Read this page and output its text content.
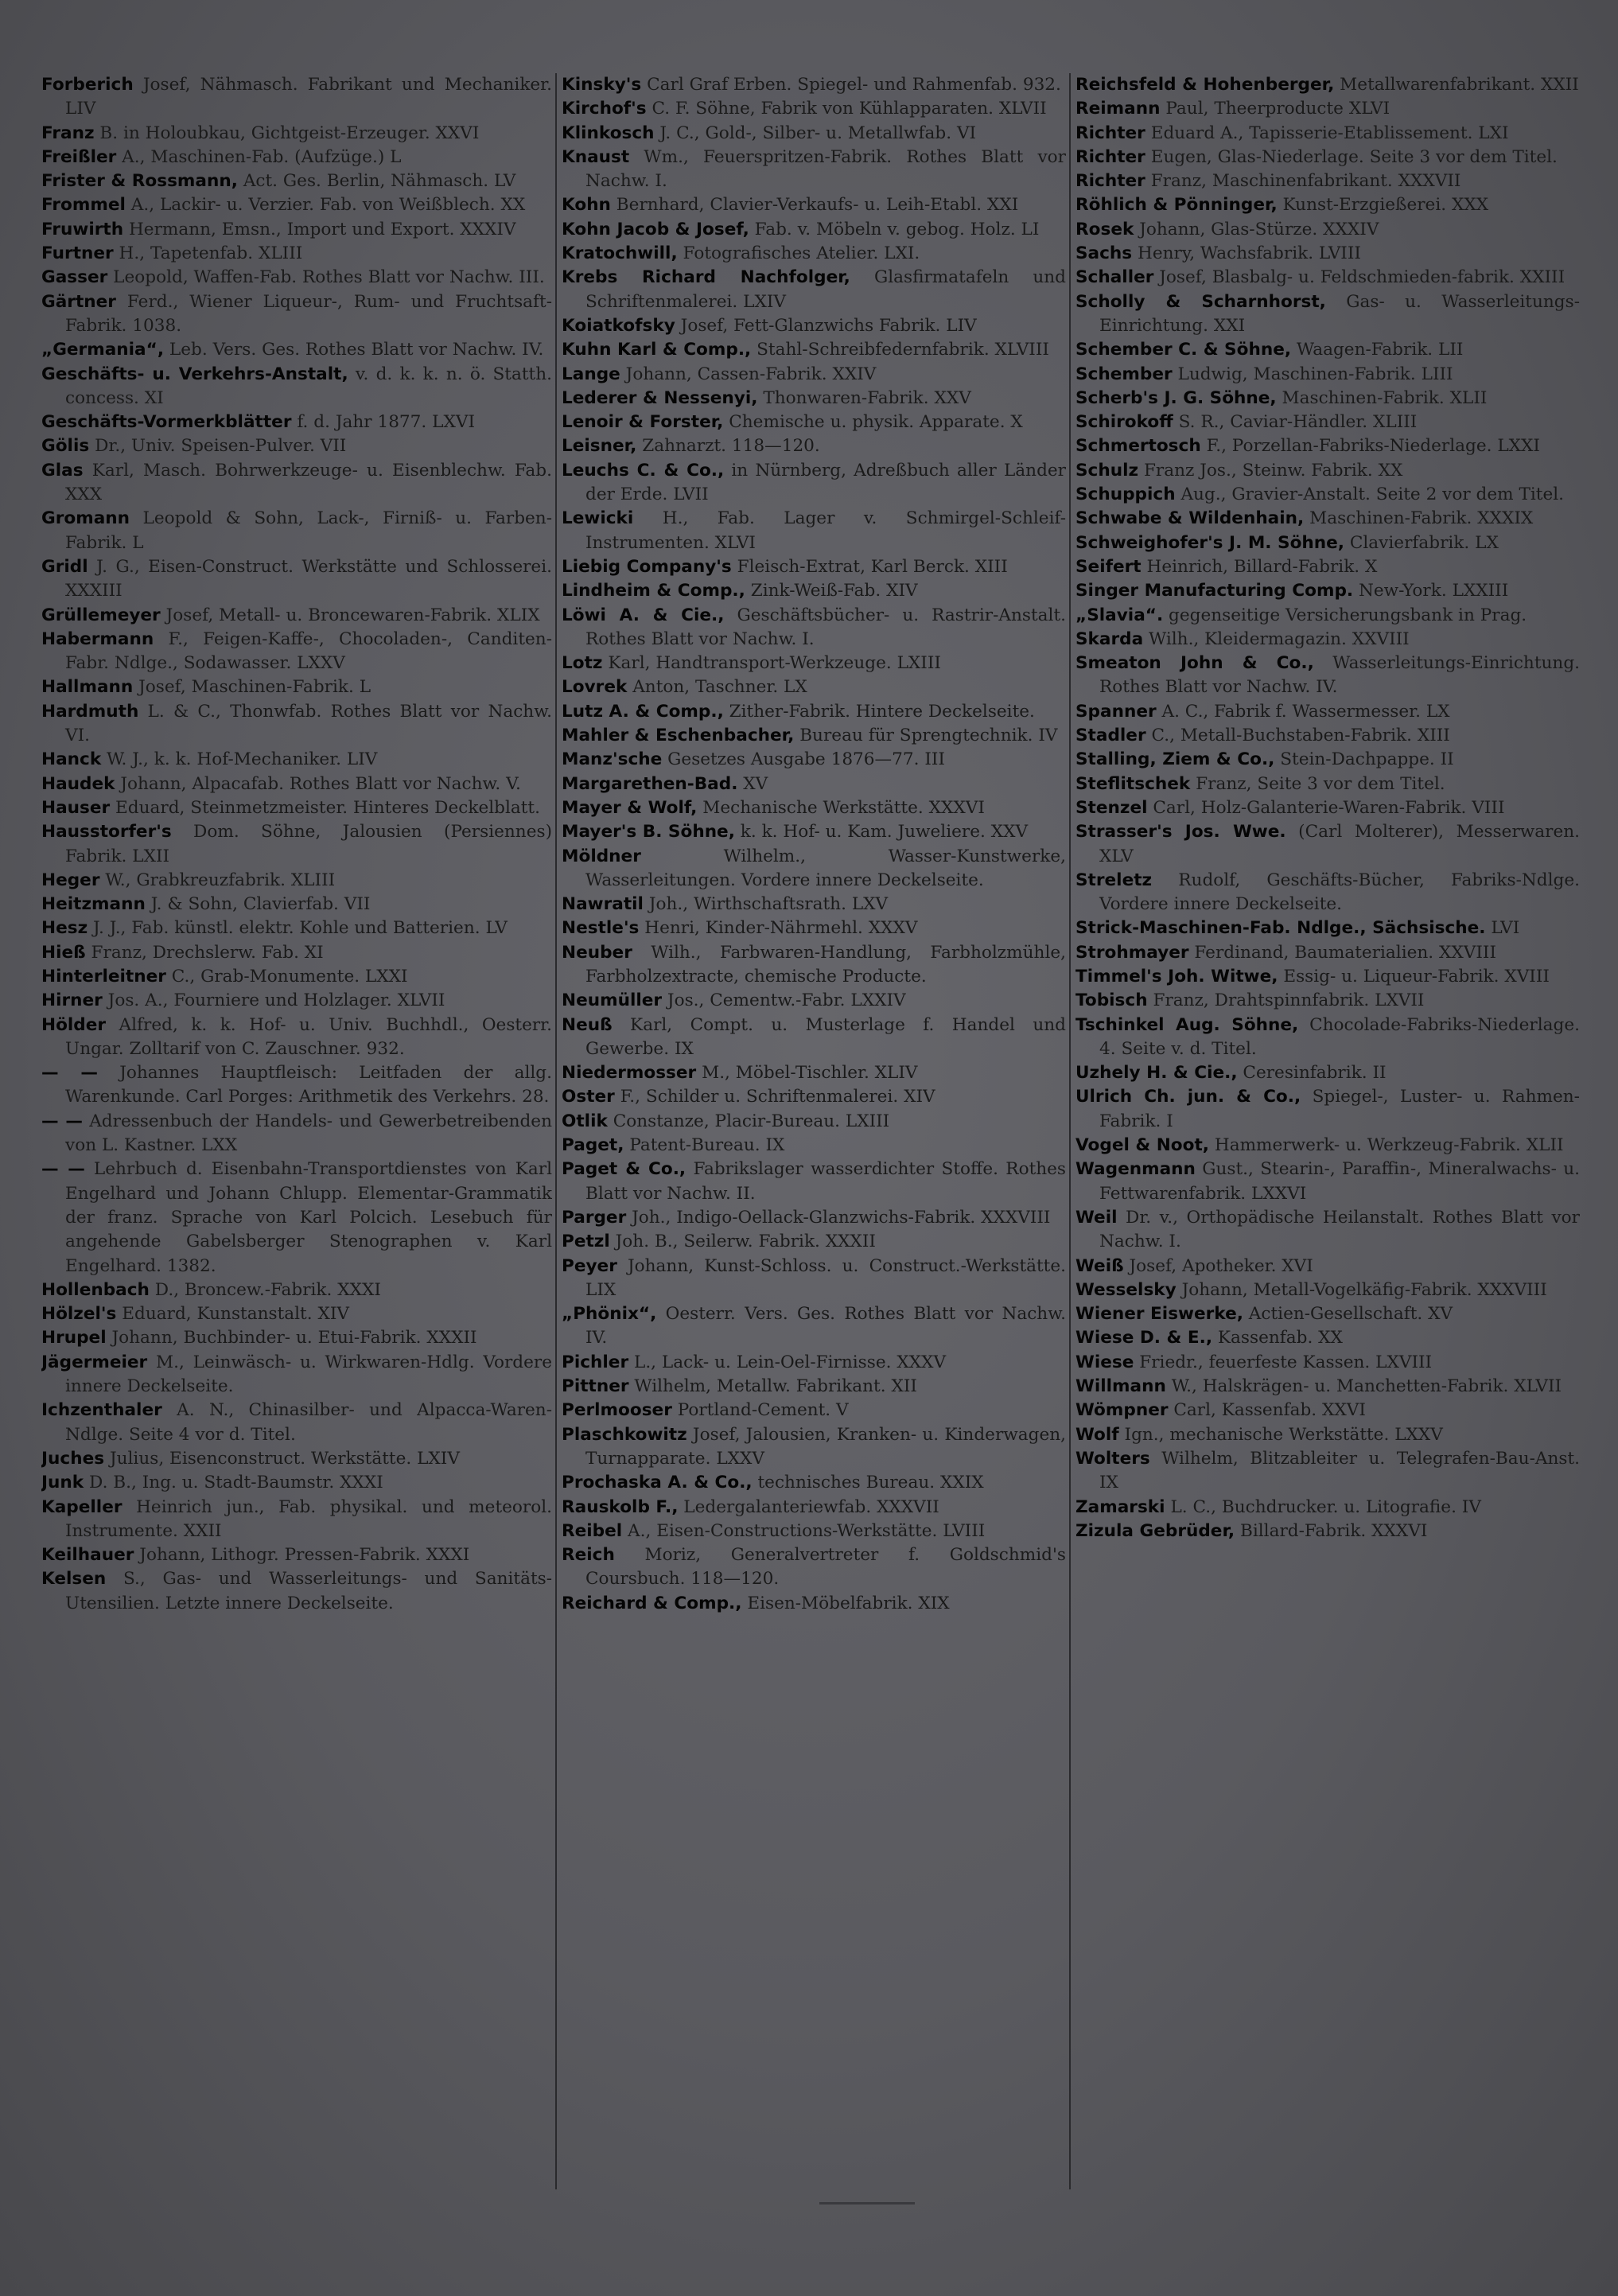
Forberich Josef, Nähmasch. Fabrikant und Mechaniker. LIV
Franz B. in Holoubkau, Gichtgeist-Erzeuger. XXVI
Freißler A., Maschinen-Fab. (Aufzüge.) L
Frister & Rossmann, Act. Ges. Berlin, Nähmasch. LV
Frommel A., Lackir- u. Verzier. Fab. von Weißblech. XX
Fruwirth Hermann, Emsn., Import und Export. XXXIV
Furtner H., Tapetenfab. XLIII
Gasser Leopold, Waffen-Fab. Rothes Blatt vor Nachw. III.
Gärtner Ferd., Wiener Liqueur-, Rum- und Fruchtsaft-Fabrik. 1038.
„Germania“, Leb. Vers. Ges. Rothes Blatt vor Nachw. IV.
Geschäfts- u. Verkehrs-Anstalt, v. d. k. k. n. ö. Statth. concess. XI
Geschäfts-Vormerkblätter f. d. Jahr 1877. LXVI
Gölis Dr., Univ. Speisen-Pulver. VII
Glas Karl, Masch. Bohrwerkzeuge- u. Eisenblechw. Fab. XXX
Gromann Leopold & Sohn, Lack-, Firniß- u. Farben-Fabrik. L
Gridl J. G., Eisen-Construct. Werkstätte und Schlosserei. XXXIII
Grüllemeyer Josef, Metall- u. Broncewaren-Fabrik. XLIX
Habermann F., Feigen-Kaffe-, Chocoladen-, Canditen-Fabr. Ndlge., Sodawasser. LXXV
Hallmann Josef, Maschinen-Fabrik. L
Hardmuth L. & C., Thonwfab. Rothes Blatt vor Nachw. VI.
Hanck W. J., k. k. Hof-Mechaniker. LIV
Haudek Johann, Alpacafab. Rothes Blatt vor Nachw. V.
Hauser Eduard, Steinmetzmeister. Hinteres Deckelblatt.
Hausstorfer's Dom. Söhne, Jalousien (Persiennes) Fabrik. LXII
Heger W., Grabkreuzfabrik. XLIII
Heitzmann J. & Sohn, Clavierfab. VII
Hesz J. J., Fab. künstl. elektr. Kohle und Batterien. LV
Hieß Franz, Drechslerw. Fab. XI
Hinterleitner C., Grab-Monumente. LXXI
Hirner Jos. A., Fourniere und Holzlager. XLVII
Hölder Alfred, k. k. Hof- u. Univ. Buchhdl., Oesterr. Ungar. Zolltarif von C. Zauschner. 932.
— — Johannes Hauptfleisch: Leitfaden der allg. Warenkunde. Carl Porges: Arithmetik des Verkehrs. 28.
— — Adressenbuch der Handels- und Gewerbetreibenden von L. Kastner. LXX
— — Lehrbuch d. Eisenbahn-Transportdienstes von Karl Engelhard und Johann Chlupp. Elementar-Grammatik der franz. Sprache von Karl Polcich. Lesebuch für angehende Gabelsberger Stenographen v. Karl Engelhard. 1382.
Hollenbach D., Broncew.-Fabrik. XXXI
Hölzel's Eduard, Kunstanstalt. XIV
Hrupel Johann, Buchbinder- u. Etui-Fabrik. XXXII
Jägermeier M., Leinwäsch- u. Wirkwaren-Hdlg. Vordere innere Deckelseite.
Ichzenthaler A. N., Chinasilber- und Alpacca-Waren-Ndlge. Seite 4 vor d. Titel.
Juches Julius, Eisenconstruct. Werkstätte. LXIV
Junk D. B., Ing. u. Stadt-Baumstr. XXXI
Kapeller Heinrich jun., Fab. physikal. und meteorol. Instrumente. XXII
Keilhauer Johann, Lithogr. Pressen-Fabrik. XXXI
Kelsen S., Gas- und Wasserleitungs- und Sanitäts-Utensilien. Letzte innere Deckelseite.
Kinsky's Carl Graf Erben. Spiegel- und Rahmenfab. 932.
Kirchof's C. F. Söhne, Fabrik von Kühlapparaten. XLVII
Klinkosch J. C., Gold-, Silber- u. Metallwfab. VI
Knaust Wm., Feuerspritzen-Fabrik. Rothes Blatt vor Nachw. I.
Kohn Bernhard, Clavier-Verkaufs- u. Leih-Etabl. XXI
Kohn Jacob & Josef, Fab. v. Möbeln v. gebog. Holz. LI
Kratochwill, Fotografisches Atelier. LXI.
Krebs Richard Nachfolger, Glasfirmatafeln und Schriftenmalerei. LXIV
Koiatkofsky Josef, Fett-Glanzwichs Fabrik. LIV
Kuhn Karl & Comp., Stahl-Schreibfedernfabrik. XLVIII
Lange Johann, Cassen-Fabrik. XXIV
Lederer & Nessenyi, Thonwaren-Fabrik. XXV
Lenoir & Forster, Chemische u. physik. Apparate. X
Leisner, Zahnarzt. 118—120.
Leuchs C. & Co., in Nürnberg, Adreßbuch aller Länder der Erde. LVII
Lewicki H., Fab. Lager v. Schmirgel-Schleif-Instrumenten. XLVI
Liebig Company's Fleisch-Extrat, Karl Berck. XIII
Lindheim & Comp., Zink-Weiß-Fab. XIV
Löwi A. & Cie., Geschäftsbücher- u. Rastrir-Anstalt. Rothes Blatt vor Nachw. I.
Lotz Karl, Handtransport-Werkzeuge. LXIII
Lovrek Anton, Taschner. LX
Lutz A. & Comp., Zither-Fabrik. Hintere Deckelseite.
Mahler & Eschenbacher, Bureau für Sprengtechnik. IV
Manz'sche Gesetzes Ausgabe 1876—77. III
Margarethen-Bad. XV
Mayer & Wolf, Mechanische Werkstätte. XXXVI
Mayer's B. Söhne, k. k. Hof- u. Kam. Juweliere. XXV
Möldner Wilhelm., Wasser-Kunstwerke, Wasserleitungen. Vordere innere Deckelseite.
Nawratil Joh., Wirthschaftsrath. LXV
Nestle's Henri, Kinder-Nährmehl. XXXV
Neuber Wilh., Farbwaren-Handlung, Farbholzmühle, Farbholzextracte, chemische Producte.
Neumüller Jos., Cementw.-Fabr. LXXIV
Neuß Karl, Compt. u. Musterlage f. Handel und Gewerbe. IX
Niedermosser M., Möbel-Tischler. XLIV
Oster F., Schilder u. Schriftenmalerei. XIV
Otlik Constanze, Placir-Bureau. LXIII
Paget, Patent-Bureau. IX
Paget & Co., Fabrikslager wasserdichter Stoffe. Rothes Blatt vor Nachw. II.
Parger Joh., Indigo-Oellack-Glanzwichs-Fabrik. XXXVIII
Petzl Joh. B., Seilerw. Fabrik. XXXII
Peyer Johann, Kunst-Schloss. u. Construct.-Werkstätte. LIX
„Phönix“, Oesterr. Vers. Ges. Rothes Blatt vor Nachw. IV.
Pichler L., Lack- u. Lein-Oel-Firnisse. XXXV
Pittner Wilhelm, Metallw. Fabrikant. XII
Perlmooser Portland-Cement. V
Plaschkowitz Josef, Jalousien, Kranken- u. Kinderwagen, Turnapparate. LXXV
Prochaska A. & Co., technisches Bureau. XXIX
Rauskolb F., Ledergalanteriewfab. XXXVII
Reibel A., Eisen-Constructions-Werkstätte. LVIII
Reich Moriz, Generalvertreter f. Goldschmid's Coursbuch. 118—120.
Reichard & Comp., Eisen-Möbelfabrik. XIX
Reichsfeld & Hohenberger, Metallwarenfabrikant. XXII
Reimann Paul, Theerproducte XLVI
Richter Eduard A., Tapisserie-Etablissement. LXI
Richter Eugen, Glas-Niederlage. Seite 3 vor dem Titel.
Richter Franz, Maschinenfabrikant. XXXVII
Röhlich & Pönninger, Kunst-Erzgießerei. XXX
Rosek Johann, Glas-Stürze. XXXIV
Sachs Henry, Wachsfabrik. LVIII
Schaller Josef, Blasbalg- u. Feldschmieden-fabrik. XXIII
Scholly & Scharnhorst, Gas- u. Wasserleitungs-Einrichtung. XXI
Schember C. & Söhne, Waagen-Fabrik. LII
Schember Ludwig, Maschinen-Fabrik. LIII
Scherb's J. G. Söhne, Maschinen-Fabrik. XLII
Schirokoff S. R., Caviar-Händler. XLIII
Schmertosch F., Porzellan-Fabriks-Niederlage. LXXI
Schulz Franz Jos., Steinw. Fabrik. XX
Schuppich Aug., Gravier-Anstalt. Seite 2 vor dem Titel.
Schwabe & Wildenhain, Maschinen-Fabrik. XXXIX
Schweighofer's J. M. Söhne, Clavierfabrik. LX
Seifert Heinrich, Billard-Fabrik. X
Singer Manufacturing Comp. New-York. LXXIII
„Slavia“. gegenseitige Versicherungsbank in Prag.
Skarda Wilh., Kleidermagazin. XXVIII
Smeaton John & Co., Wasserleitungs-Einrichtung. Rothes Blatt vor Nachw. IV.
Spanner A. C., Fabrik f. Wassermesser. LX
Stadler C., Metall-Buchstaben-Fabrik. XIII
Stalling, Ziem & Co., Stein-Dachpappe. II
Steflitschek Franz, Seite 3 vor dem Titel.
Stenzel Carl, Holz-Galanterie-Waren-Fabrik. VIII
Strasser's Jos. Wwe. (Carl Molterer), Messerwaren. XLV
Streletz Rudolf, Geschäfts-Bücher, Fabriks-Ndlge. Vordere innere Deckelseite.
Strick-Maschinen-Fab. Ndlge., Sächsische. LVI
Strohmayer Ferdinand, Baumaterialien. XXVIII
Timmel's Joh. Witwe, Essig- u. Liqueur-Fabrik. XVIII
Tobisch Franz, Drahtspinnfabrik. LXVII
Tschinkel Aug. Söhne, Chocolade-Fabriks-Niederlage. 4. Seite v. d. Titel.
Uzhely H. & Cie., Ceresinfabrik. II
Ulrich Ch. jun. & Co., Spiegel-, Luster- u. Rahmen-Fabrik. I
Vogel & Noot, Hammerwerk- u. Werkzeug-Fabrik. XLII
Wagenmann Gust., Stearin-, Paraffin-, Mineralwachs- u. Fettwarenfabrik. LXXVI
Weil Dr. v., Orthopädische Heilanstalt. Rothes Blatt vor Nachw. I.
Weiß Josef, Apotheker. XVI
Wesselsky Johann, Metall-Vogelkäfig-Fabrik. XXXVIII
Wiener Eiswerke, Actien-Gesellschaft. XV
Wiese D. & E., Kassenfab. XX
Wiese Friedr., feuerfeste Kassen. LXVIII
Willmann W., Halskrägen- u. Manchetten-Fabrik. XLVII
Wömpner Carl, Kassenfab. XXVI
Wolf Ign., mechanische Werkstätte. LXXV
Wolters Wilhelm, Blitzableiter u. Telegrafen-Bau-Anst. IX
Zamarski L. C., Buchdrucker. u. Litografie. IV
Zizula Gebrüder, Billard-Fabrik. XXXVI
